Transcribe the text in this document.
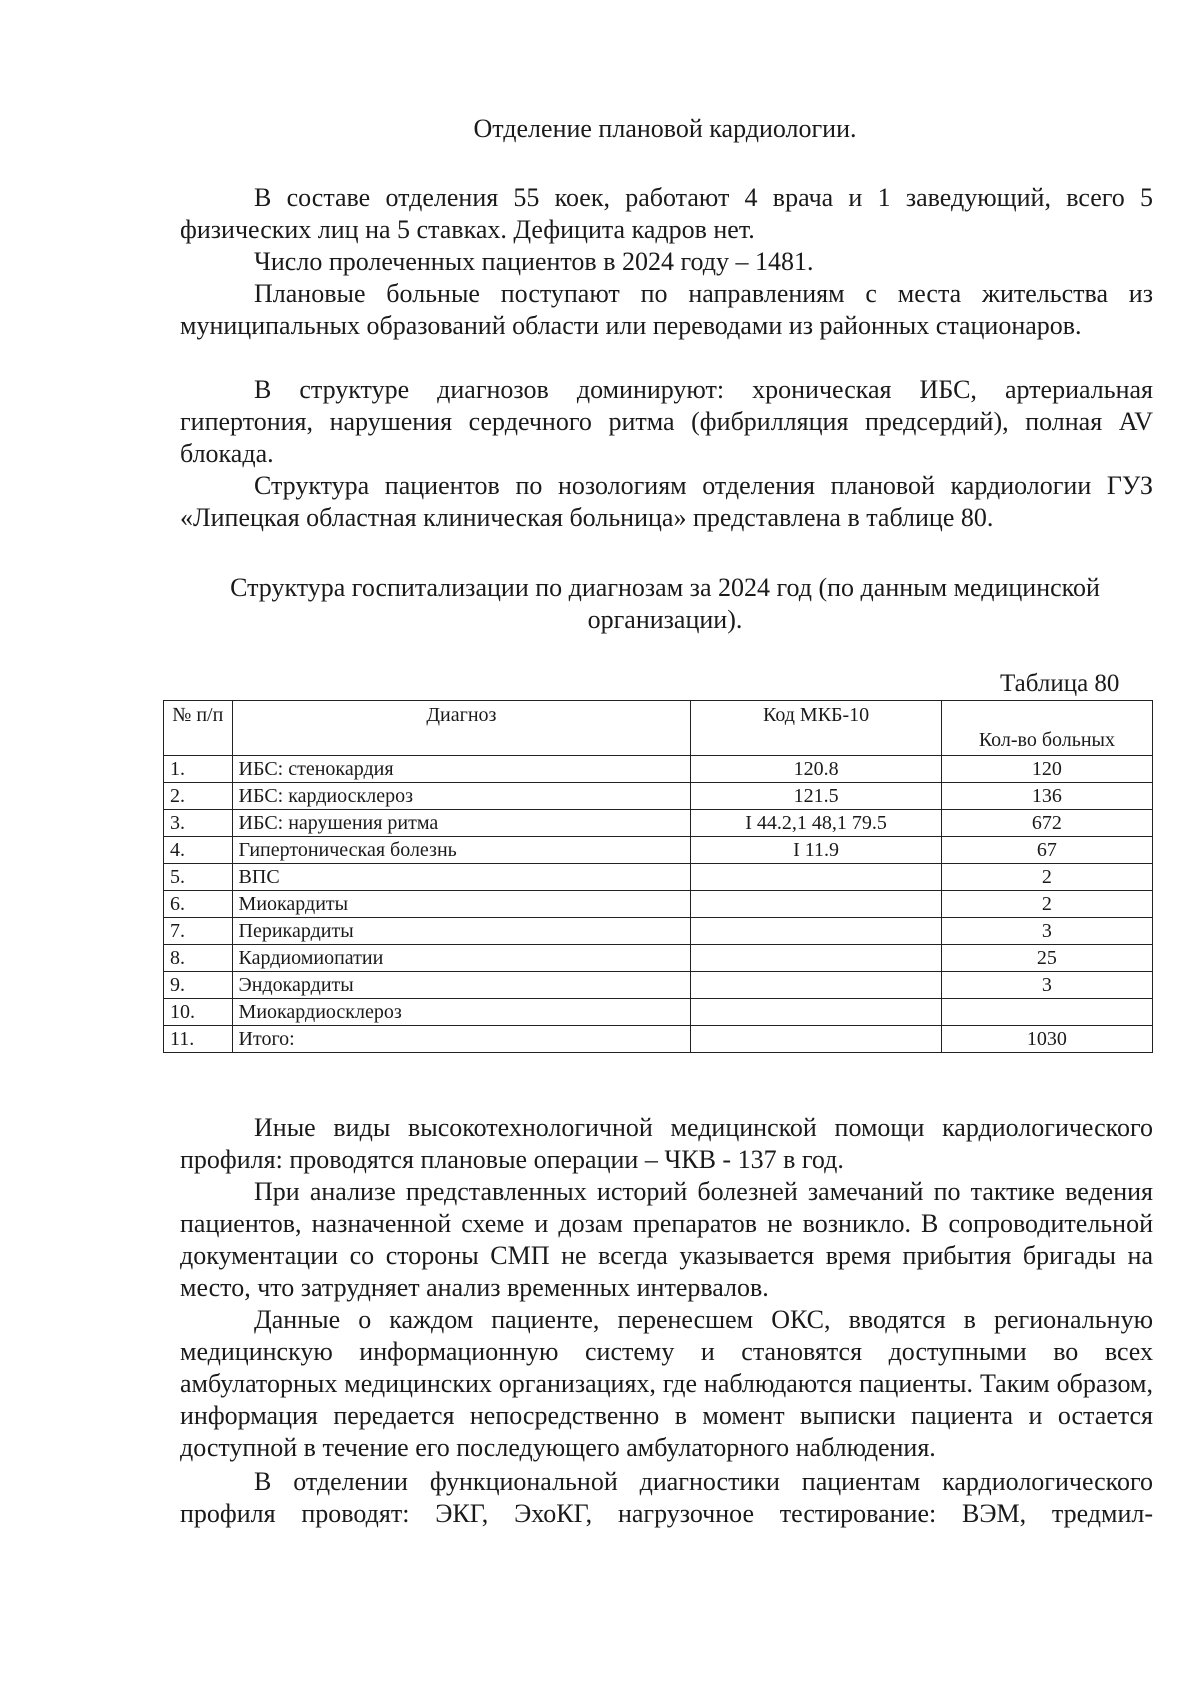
Отделение плановой кардиологии.

В составе отделения 55 коек, работают 4 врача и 1 заведующий, всего 5 физических лиц на 5 ставках. Дефицита кадров нет.

Число пролеченных пациентов в 2024 году – 1481.

Плановые больные поступают по направлениям с места жительства из муниципальных образований области или переводами из районных стационаров.

В структуре диагнозов доминируют: хроническая ИБС, артериальная гипертония, нарушения сердечного ритма (фибрилляция предсердий), полная AV блокада.

Структура пациентов по нозологиям отделения плановой кардиологии ГУЗ «Липецкая областная клиническая больница» представлена в таблице 80.

Структура госпитализации по диагнозам за 2024 год (по данным медицинской организации).

Таблица 80

№ п/п	Диагноз	Код МКБ-10	Кол-во больных
1.	ИБС: стенокардия	120.8	120
2.	ИБС: кардиосклероз	121.5	136
3.	ИБС: нарушения ритма	I 44.2,1 48,1 79.5	672
4.	Гипертоническая болезнь	I 11.9	67
5.	ВПС		2
6.	Миокардиты		2
7.	Перикардиты		3
8.	Кардиомиопатии		25
9.	Эндокардиты		3
10.	Миокардиосклероз		
11.	Итого:		1030

Иные виды высокотехнологичной медицинской помощи кардиологического профиля: проводятся плановые операции – ЧКВ - 137 в год.

При анализе представленных историй болезней замечаний по тактике ведения пациентов, назначенной схеме и дозам препаратов не возникло. В сопроводительной документации со стороны СМП не всегда указывается время прибытия бригады на место, что затрудняет анализ временных интервалов.

Данные о каждом пациенте, перенесшем ОКС, вводятся в региональную медицинскую информационную систему и становятся доступными во всех амбулаторных медицинских организациях, где наблюдаются пациенты. Таким образом, информация передается непосредственно в момент выписки пациента и остается доступной в течение его последующего амбулаторного наблюдения.

В отделении функциональной диагностики пациентам кардиологического профиля проводят: ЭКГ, ЭхоКГ, нагрузочное тестирование: ВЭМ, тредмил-
